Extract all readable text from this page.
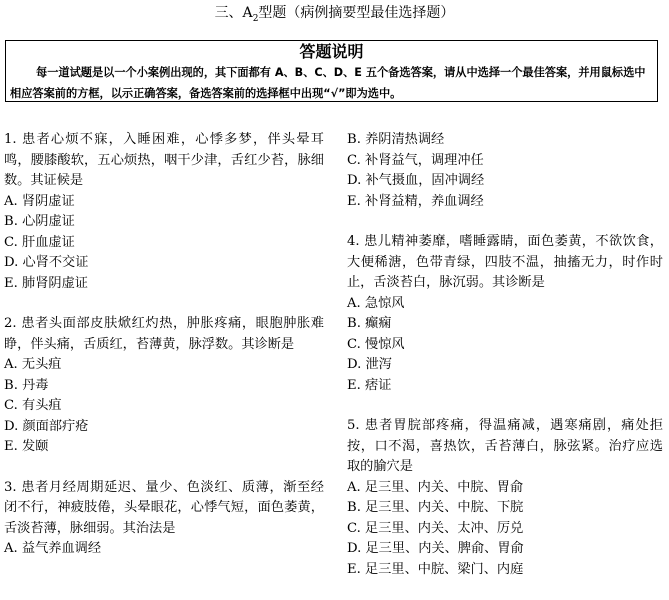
三、$A_2$型题（病例摘要型最佳选择题）
答题说明
每一道试题是以一个小案例出现的，其下面都有 A、B、C、D、E 五个备选答案，请从中选择一个最佳答案，并用鼠标选中相应答案前的方框，以示正确答案，备选答案前的选择框中出现“√”即为选中。
1. 患者心烦不寐，入睡困难，心悸多梦，伴头晕耳鸣，腰膝酸软，五心烦热，咽干少津，舌红少苔，脉细数。其证候是
A. 肾阴虚证
B. 心阴虚证
C. 肝血虚证
D. 心肾不交证
E. 肺肾阴虚证
2. 患者头面部皮肤焮红灼热，肿胀疼痛，眼胞肿胀难睁，伴头痛，舌质红，苔薄黄，脉浮数。其诊断是
A. 无头疽
B. 丹毒
C. 有头疽
D. 颜面部疔疮
E. 发颐
3. 患者月经周期延迟、量少、色淡红、质薄，渐至经闭不行，神疲肢倦，头晕眼花，心悸气短，面色萎黄，舌淡苔薄，脉细弱。其治法是
A. 益气养血调经
B. 养阴清热调经
C. 补肾益气，调理冲任
D. 补气摄血，固冲调经
E. 补肾益精，养血调经
4. 患儿精神萎靡，嗜睡露睛，面色萎黄，不欲饮食，大便稀溏，色带青绿，四肢不温，抽搐无力，时作时止，舌淡苔白，脉沉弱。其诊断是
A. 急惊风
B. 癫痫
C. 慢惊风
D. 泄泻
E. 痞证
5. 患者胃脘部疼痛，得温痛减，遇寒痛剧，痛处拒按，口不渴，喜热饮，舌苔薄白，脉弦紧。治疗应选取的腧穴是
A. 足三里、内关、中脘、胃俞
B. 足三里、内关、中脘、下脘
C. 足三里、内关、太冲、厉兑
D. 足三里、内关、脾俞、胃俞
E. 足三里、中脘、梁门、内庭
